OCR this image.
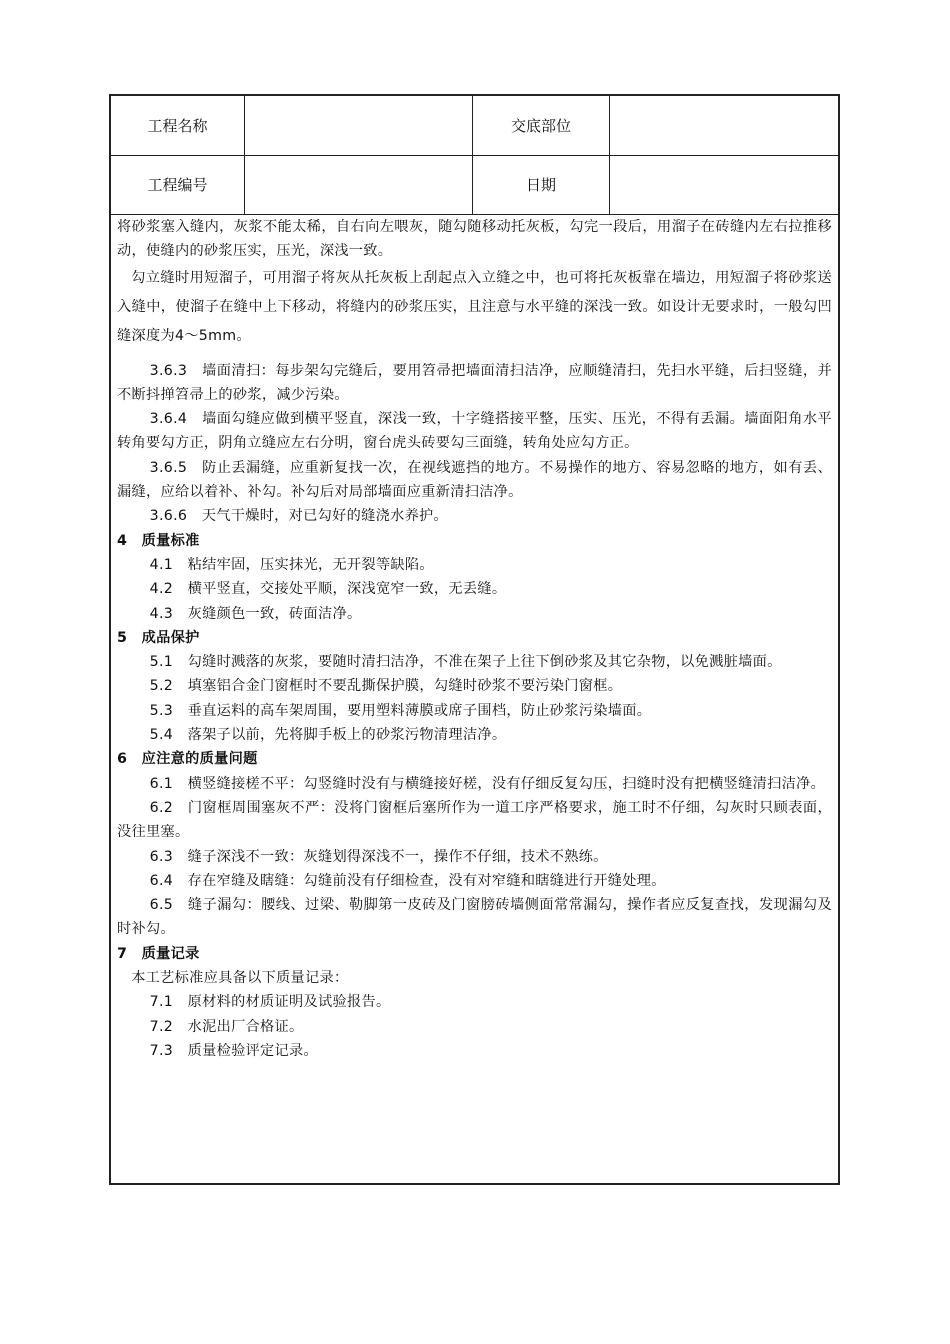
工程名称	交底部位
工程编号	日期

将砂浆塞入缝内，灰浆不能太稀，自右向左喂灰，随勾随移动托灰板，勾完一段后，用溜子在砖缝内左右拉推移动，使缝内的砂浆压实，压光，深浅一致。

勾立缝时用短溜子，可用溜子将灰从托灰板上刮起点入立缝之中，也可将托灰板靠在墙边，用短溜子将砂浆送入缝中，使溜子在缝中上下移动，将缝内的砂浆压实，且注意与水平缝的深浅一致。如设计无要求时，一般勾凹缝深度为4～5mm。

3.6.3　墙面清扫：每步架勾完缝后，要用笤帚把墙面清扫洁净，应顺缝清扫，先扫水平缝，后扫竖缝，并不断抖掸笤帚上的砂浆，减少污染。

3.6.4　墙面勾缝应做到横平竖直，深浅一致，十字缝搭接平整，压实、压光，不得有丢漏。墙面阳角水平转角要勾方正，阴角立缝应左右分明，窗台虎头砖要勾三面缝，转角处应勾方正。

3.6.5　防止丢漏缝，应重新复找一次，在视线遮挡的地方。不易操作的地方、容易忽略的地方，如有丢、漏缝，应给以着补、补勾。补勾后对局部墙面应重新清扫洁净。

3.6.6　天气干燥时，对已勾好的缝浇水养护。

4　质量标准

4.1　粘结牢固，压实抹光，无开裂等缺陷。

4.2　横平竖直，交接处平顺，深浅宽窄一致，无丢缝。

4.3　灰缝颜色一致，砖面洁净。

5　成品保护

5.1　勾缝时溅落的灰浆，要随时清扫洁净，不准在架子上往下倒砂浆及其它杂物，以免溅脏墙面。

5.2　填塞铝合金门窗框时不要乱撕保护膜，勾缝时砂浆不要污染门窗框。

5.3　垂直运料的高车架周围，要用塑料薄膜或席子围档，防止砂浆污染墙面。

5.4　落架子以前，先将脚手板上的砂浆污物清理洁净。

6　应注意的质量问题

6.1　横竖缝接槎不平：勾竖缝时没有与横缝接好槎，没有仔细反复勾压，扫缝时没有把横竖缝清扫洁净。

6.2　门窗框周围塞灰不严：没将门窗框后塞所作为一道工序严格要求，施工时不仔细，勾灰时只顾表面，没往里塞。

6.3　缝子深浅不一致：灰缝划得深浅不一，操作不仔细，技术不熟练。

6.4　存在窄缝及瞎缝：勾缝前没有仔细检查，没有对窄缝和瞎缝进行开缝处理。

6.5　缝子漏勾：腰线、过梁、勒脚第一皮砖及门窗膀砖墙侧面常常漏勾，操作者应反复查找，发现漏勾及时补勾。

7　质量记录

本工艺标准应具备以下质量记录：

7.1　原材料的材质证明及试验报告。

7.2　水泥出厂合格证。

7.3　质量检验评定记录。
